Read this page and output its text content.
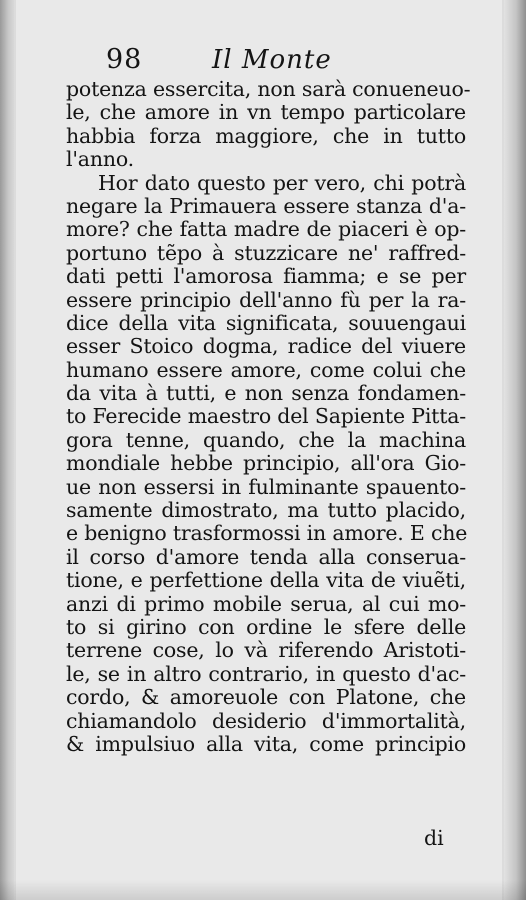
98	Il Monte
potenza essercita, non sarà conueneuo-
le, che amore in vn tempo particolare
habbia forza maggiore, che in tutto
l'anno.
Hor dato questo per vero, chi potrà
negare la Primauera essere stanza d'a-
more? che fatta madre de piaceri è op-
portuno tẽpo à stuzzicare ne' raffred-
dati petti l'amorosa fiamma; e se per
essere principio dell'anno fù per la ra-
dice della vita significata, souuengaui
esser Stoico dogma, radice del viuere
humano essere amore, come colui che
da vita à tutti, e non senza fondamen-
to Ferecide maestro del Sapiente Pitta-
gora tenne, quando, che la machina
mondiale hebbe principio, all'ora Gio-
ue non essersi in fulminante spauento-
samente dimostrato, ma tutto placido,
e benigno trasformossi in amore. E che
il corso d'amore tenda alla conserua-
tione, e perfettione della vita de viuẽti,
anzi di primo mobile serua, al cui mo-
to si girino con ordine le sfere delle
terrene cose, lo và riferendo Aristoti-
le, se in altro contrario, in questo d'ac-
cordo, & amoreuole con Platone, che
chiamandolo desiderio d'immortalità,
& impulsiuo alla vita, come principio
di
